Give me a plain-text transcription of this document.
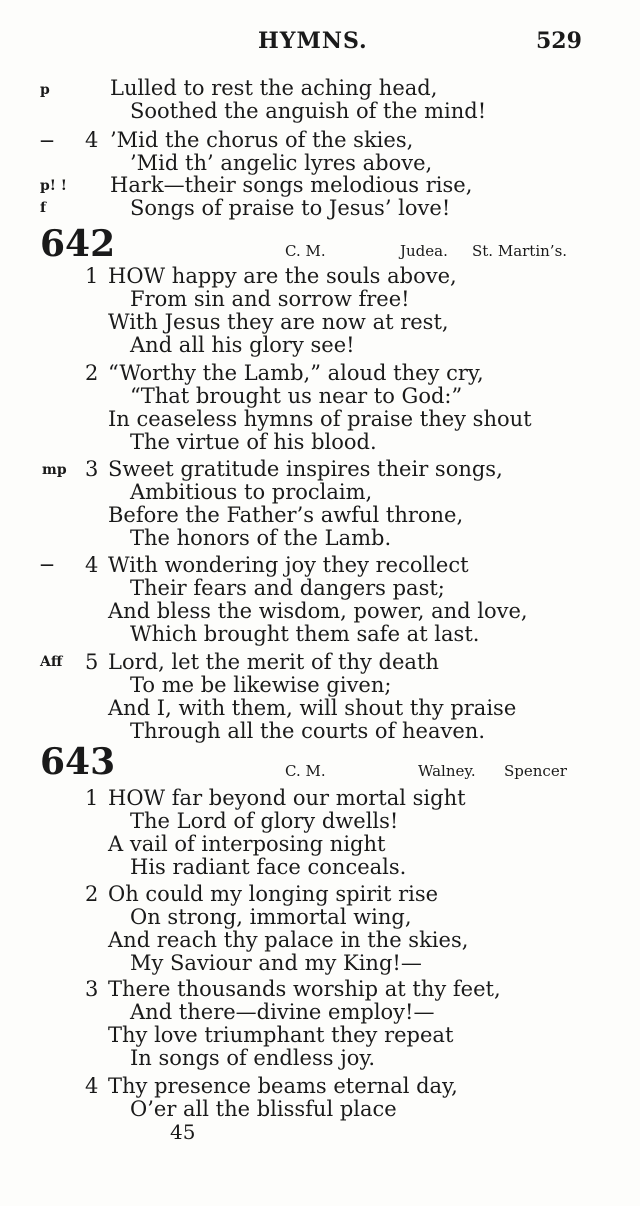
HYMNS.	529
p	Lulled to rest the aching head,
Soothed the anguish of the mind!
— 4 ’Mid the chorus of the skies,
’Mid th’ angelic lyres above,
p! ! Hark—their songs melodious rise,
f	Songs of praise to Jesus’ love!
642	C. M.	Judea. St. Martin’s.
1 HOW happy are the souls above,
From sin and sorrow free!
With Jesus they are now at rest,
And all his glory see!
2 “Worthy the Lamb,” aloud they cry,
“That brought us near to God:”
In ceaseless hymns of praise they shout
The virtue of his blood.
mp 3 Sweet gratitude inspires their songs,
Ambitious to proclaim,
Before the Father’s awful throne,
The honors of the Lamb.
— 4 With wondering joy they recollect
Their fears and dangers past;
And bless the wisdom, power, and love,
Which brought them safe at last.
Aff 5 Lord, let the merit of thy death
To me be likewise given;
And I, with them, will shout thy praise
Through all the courts of heaven.
643	C. M.	Walney. Spencer
1 HOW far beyond our mortal sight
The Lord of glory dwells!
A vail of interposing night
His radiant face conceals.
2 Oh could my longing spirit rise
On strong, immortal wing,
And reach thy palace in the skies,
My Saviour and my King!—
3 There thousands worship at thy feet,
And there—divine employ!—
Thy love triumphant they repeat
In songs of endless joy.
4 Thy presence beams eternal day,
O’er all the blissful place
45
